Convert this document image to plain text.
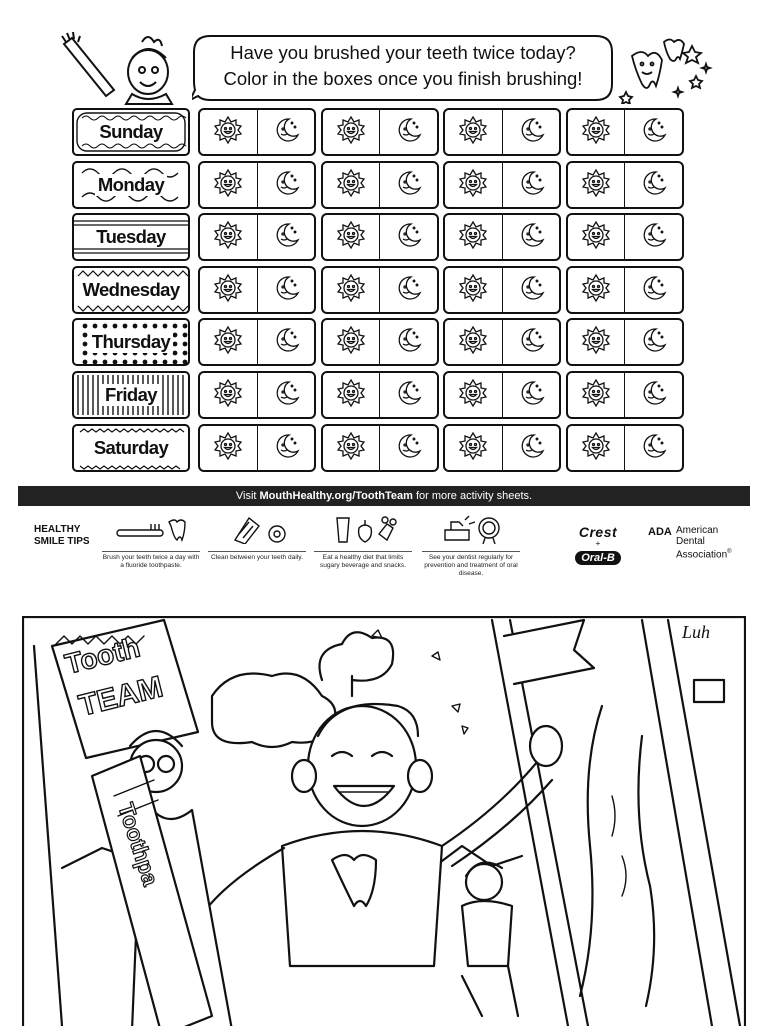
Have you brushed your teeth twice today?
Color in the boxes once you finish brushing!
Sunday
Monday
Tuesday
Wednesday
Thursday
Friday
Saturday
Visit MouthHealthy.org/ToothTeam for more activity sheets.
HEALTHY
SMILE TIPS
Brush your teeth twice a day with a fluoride toothpaste.
Clean between your teeth daily.	Eat a healthy diet that limits sugary beverage and snacks.
See your dentist regularly for prevention and treatment of oral disease.
Crest
+
Oral-B
ADA American
Dental
Association®
Tooth
TEAM
Toothpa
Luh
